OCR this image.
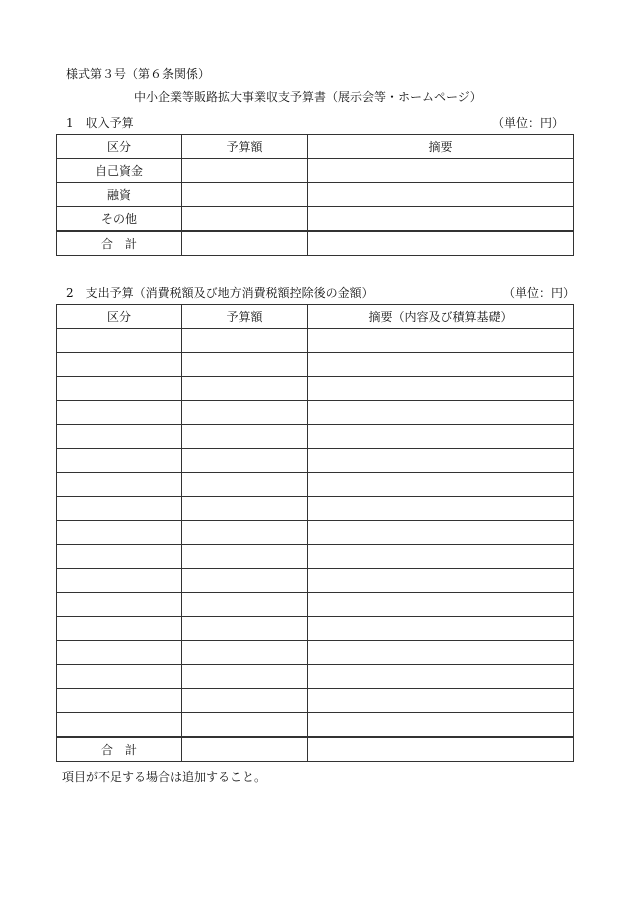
様式第３号（第６条関係）
中小企業等販路拡大事業収支予算書（展示会等・ホームページ）
1　収入予算	（単位：円）
区分	予算額	摘要
自己資金		
融資		
その他		
合　計		
2　支出予算（消費税額及び地方消費税額控除後の金額）	（単位：円）
区分	予算額	摘要（内容及び積算基礎）

合　計		
項目が不足する場合は追加すること。
